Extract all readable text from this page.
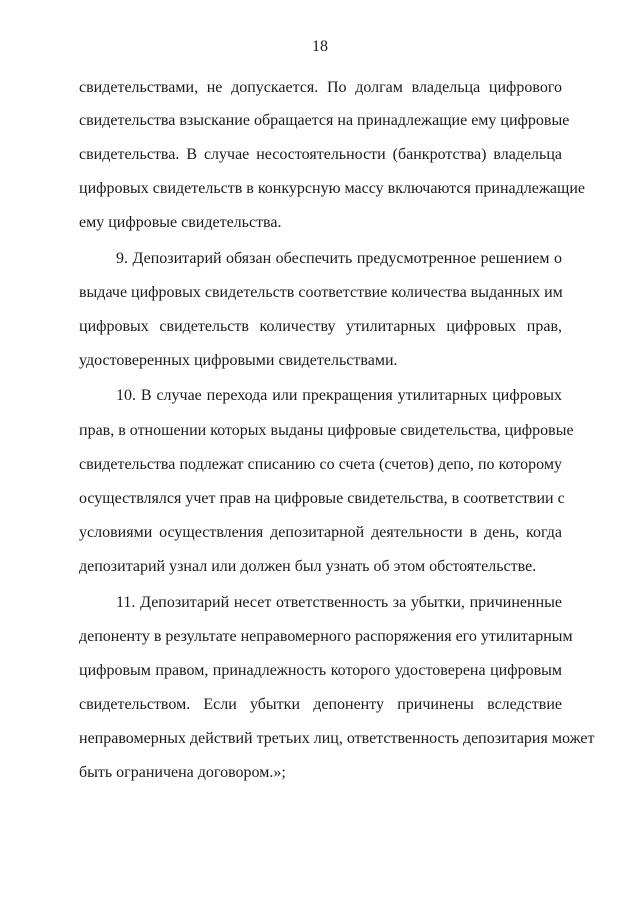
18
свидетельствами, не допускается. По долгам владельца цифрового
свидетельства взыскание обращается на принадлежащие ему цифровые
свидетельства. В случае несостоятельности (банкротства) владельца
цифровых свидетельств в конкурсную массу включаются принадлежащие
ему цифровые свидетельства.
9. Депозитарий обязан обеспечить предусмотренное решением о
выдаче цифровых свидетельств соответствие количества выданных им
цифровых свидетельств количеству утилитарных цифровых прав,
удостоверенных цифровыми свидетельствами.
10. В случае перехода или прекращения утилитарных цифровых
прав, в отношении которых выданы цифровые свидетельства, цифровые
свидетельства подлежат списанию со счета (счетов) депо, по которому
осуществлялся учет прав на цифровые свидетельства, в соответствии с
условиями осуществления депозитарной деятельности в день, когда
депозитарий узнал или должен был узнать об этом обстоятельстве.
11. Депозитарий несет ответственность за убытки, причиненные
депоненту в результате неправомерного распоряжения его утилитарным
цифровым правом, принадлежность которого удостоверена цифровым
свидетельством. Если убытки депоненту причинены вследствие
неправомерных действий третьих лиц, ответственность депозитария может
быть ограничена договором.»;
